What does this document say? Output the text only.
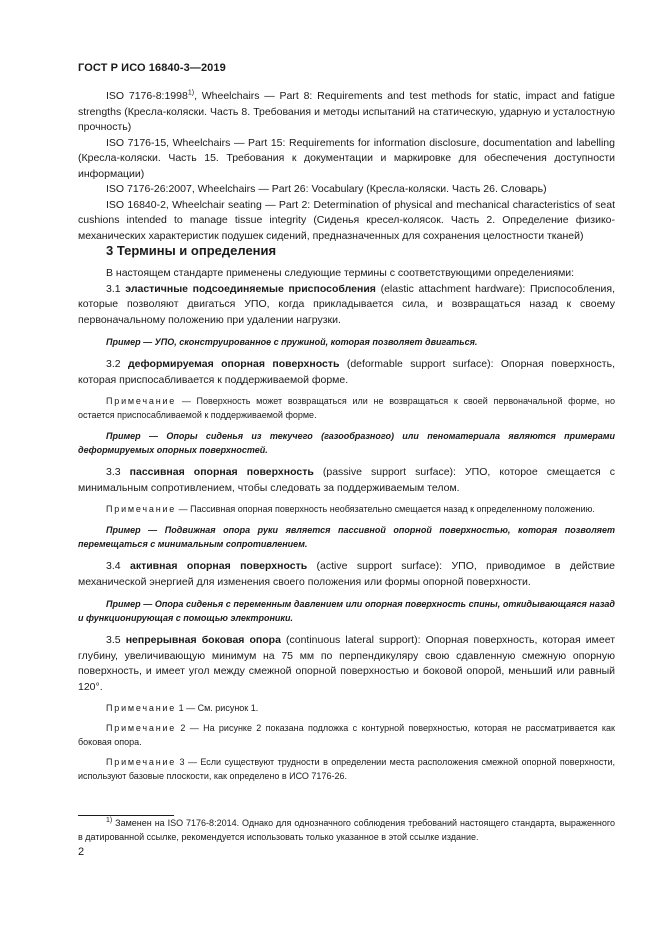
ГОСТ Р ИСО 16840-3—2019

ISO 7176-8:1998$^{1)}$, Wheelchairs — Part 8: Requirements and test methods for static, impact and fatigue strengths (Кресла-коляски. Часть 8. Требования и методы испытаний на статическую, ударную и усталостную прочность)

ISO 7176-15, Wheelchairs — Part 15: Requirements for information disclosure, documentation and labelling (Кресла-коляски. Часть 15. Требования к документации и маркировке для обеспечения доступности информации)

ISO 7176-26:2007, Wheelchairs — Part 26: Vocabulary (Кресла-коляски. Часть 26. Словарь)

ISO 16840-2, Wheelchair seating — Part 2: Determination of physical and mechanical characteristics of seat cushions intended to manage tissue integrity (Сиденья кресел-колясок. Часть 2. Определение физико-механических характеристик подушек сидений, предназначенных для сохранения целостности тканей)

3 Термины и определения

В настоящем стандарте применены следующие термины с соответствующими определениями:

3.1 эластичные подсоединяемые приспособления (elastic attachment hardware): Приспособления, которые позволяют двигаться УПО, когда прикладывается сила, и возвращаться назад к своему первоначальному положению при удалении нагрузки.

Пример — УПО, сконструированное с пружиной, которая позволяет двигаться.

3.2 деформируемая опорная поверхность (deformable support surface): Опорная поверхность, которая приспосабливается к поддерживаемой форме.

Примечание — Поверхность может возвращаться или не возвращаться к своей первоначальной форме, но остается приспосабливаемой к поддерживаемой форме.

Пример — Опоры сиденья из текучего (газообразного) или пеноматериала являются примерами деформируемых опорных поверхностей.

3.3 пассивная опорная поверхность (passive support surface): УПО, которое смещается с минимальным сопротивлением, чтобы следовать за поддерживаемым телом.

Примечание — Пассивная опорная поверхность необязательно смещается назад к определенному положению.

Пример — Подвижная опора руки является пассивной опорной поверхностью, которая позволяет перемещаться с минимальным сопротивлением.

3.4 активная опорная поверхность (active support surface): УПО, приводимое в действие механической энергией для изменения своего положения или формы опорной поверхности.

Пример — Опора сиденья с переменным давлением или опорная поверхность спины, откидывающаяся назад и функционирующая с помощью электроники.

3.5 непрерывная боковая опора (continuous lateral support): Опорная поверхность, которая имеет глубину, увеличивающую минимум на 75 мм по перпендикуляру свою сдавленную смежную опорную поверхность, и имеет угол между смежной опорной поверхностью и боковой опорой, меньший или равный 120°.

Примечание 1 — См. рисунок 1.

Примечание 2 — На рисунке 2 показана подложка с контурной поверхностью, которая не рассматривается как боковая опора.

Примечание 3 — Если существуют трудности в определении места расположения смежной опорной поверхности, используют базовые плоскости, как определено в ИСО 7176-26.

$^{1)}$ Заменен на ISO 7176-8:2014. Однако для однозначного соблюдения требований настоящего стандарта, выраженного в датированной ссылке, рекомендуется использовать только указанное в этой ссылке издание.

2
